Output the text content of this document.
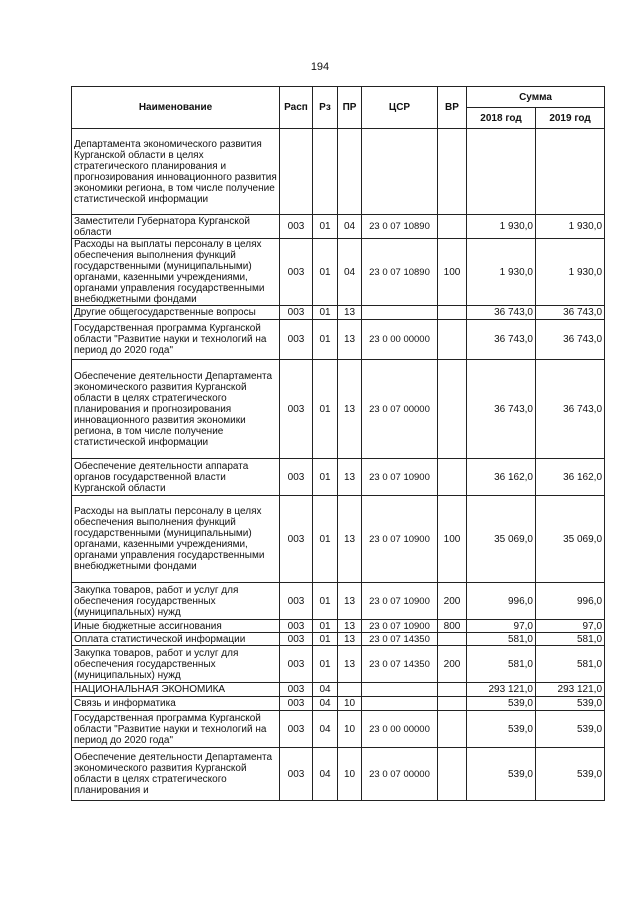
194
Наименование	Расп	Рз	ПР	ЦСР	ВР	Сумма	
						2018 год	2019 год
Департамента экономического развития Курганской области в целях стратегического планирования и прогнозирования инновационного развития экономики региона, в том числе получение статистической информации							
Заместители Губернатора Курганской области	003	01	04	23 0 07 10890		1 930,0	1 930,0
Расходы на выплаты персоналу в целях обеспечения выполнения функций государственными (муниципальными) органами, казенными учреждениями, органами управления государственными внебюджетными фондами	003	01	04	23 0 07 10890	100	1 930,0	1 930,0
Другие общегосударственные вопросы	003	01	13			36 743,0	36 743,0
Государственная программа Курганской области "Развитие науки и технологий на период до 2020 года"	003	01	13	23 0 00 00000		36 743,0	36 743,0
Обеспечение деятельности Департамента экономического развития Курганской области в целях стратегического планирования и прогнозирования инновационного развития экономики региона, в том числе получение статистической информации	003	01	13	23 0 07 00000		36 743,0	36 743,0
Обеспечение деятельности аппарата органов государственной власти Курганской области	003	01	13	23 0 07 10900		36 162,0	36 162,0
Расходы на выплаты персоналу в целях обеспечения выполнения функций государственными (муниципальными) органами, казенными учреждениями, органами управления государственными внебюджетными фондами	003	01	13	23 0 07 10900	100	35 069,0	35 069,0
Закупка товаров, работ и услуг для обеспечения государственных (муниципальных) нужд	003	01	13	23 0 07 10900	200	996,0	996,0
Иные бюджетные ассигнования	003	01	13	23 0 07 10900	800	97,0	97,0
Оплата статистической информации	003	01	13	23 0 07 14350		581,0	581,0
Закупка товаров, работ и услуг для обеспечения государственных (муниципальных) нужд	003	01	13	23 0 07 14350	200	581,0	581,0
НАЦИОНАЛЬНАЯ ЭКОНОМИКА	003	04				293 121,0	293 121,0
Связь и информатика	003	04	10			539,0	539,0
Государственная программа Курганской области "Развитие науки и технологий на период до 2020 года"	003	04	10	23 0 00 00000		539,0	539,0
Обеспечение деятельности Департамента экономического развития Курганской области в целях стратегического планирования и	003	04	10	23 0 07 00000		539,0	539,0
